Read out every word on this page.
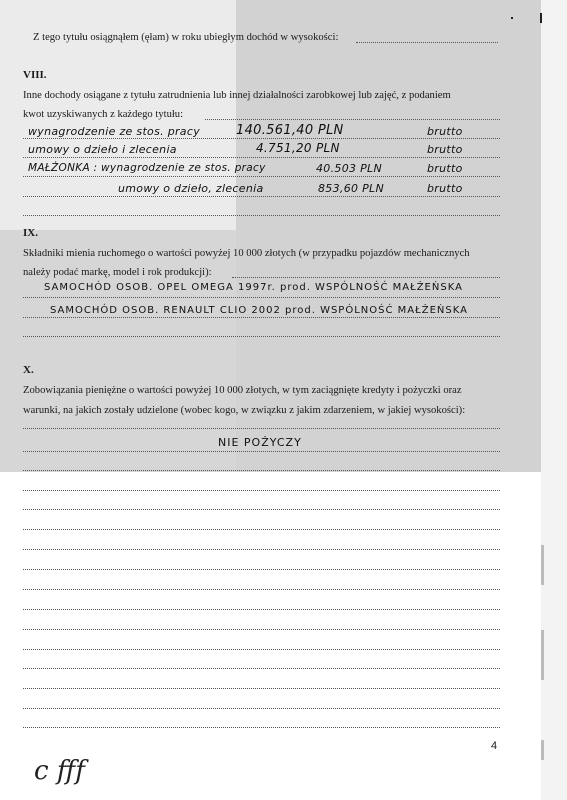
Z tego tytułu osiągnąłem (ęłam) w roku ubiegłym dochód w wysokości:
VIII.
Inne dochody osiągane z tytułu zatrudnienia lub innej działalności zarobkowej lub zajęć, z podaniem
kwot uzyskiwanych z każdego tytułu:
wynagrodzenie ze stos. pracy	140.561,40 PLN	brutto
umowy o dzieło i zlecenia	4.751,20 PLN	brutto
MAŁŻONKA : wynagrodzenie ze stos. pracy	40.503 PLN	brutto
umowy o dzieło, zlecenia	853,60 PLN	brutto
IX.
Składniki mienia ruchomego o wartości powyżej 10 000 złotych (w przypadku pojazdów mechanicznych
należy podać markę, model i rok produkcji):
SAMOCHÓD OSOB. OPEL OMEGA 1997r. prod. WSPÓLNOŚĆ MAŁŻEŃSKA
SAMOCHÓD OSOB. RENAULT CLIO 2002 prod. WSPÓLNOŚĆ MAŁŻEŃSKA
X.
Zobowiązania pieniężne o wartości powyżej 10 000 złotych, w tym zaciągnięte kredyty i pożyczki oraz
warunki, na jakich zostały udzielone (wobec kogo, w związku z jakim zdarzeniem, w jakiej wysokości):
NIE POŻYCZY
4
c fff
